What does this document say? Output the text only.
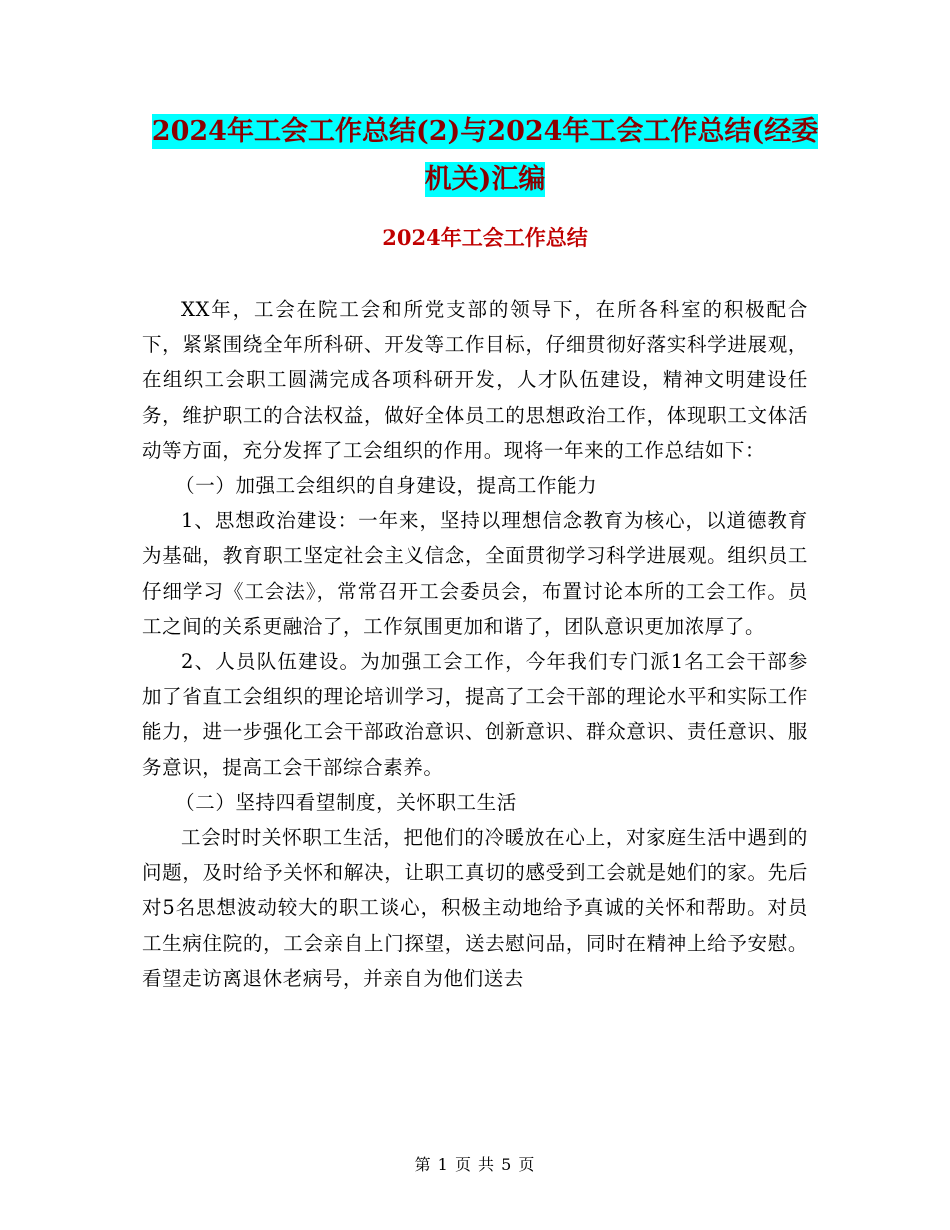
2024年工会工作总结(2)与2024年工会工作总结(经委
机关)汇编
2024年工会工作总结

XX年，工会在院工会和所党支部的领导下，在所各科室的积极配合下，紧紧围绕全年所科研、开发等工作目标，仔细贯彻好落实科学进展观，在组织工会职工圆满完成各项科研开发，人才队伍建设，精神文明建设任务，维护职工的合法权益，做好全体员工的思想政治工作，体现职工文体活动等方面，充分发挥了工会组织的作用。现将一年来的工作总结如下：

（一）加强工会组织的自身建设，提高工作能力

1、思想政治建设：一年来，坚持以理想信念教育为核心，以道德教育为基础，教育职工坚定社会主义信念，全面贯彻学习科学进展观。组织员工仔细学习《工会法》，常常召开工会委员会，布置讨论本所的工会工作。员工之间的关系更融洽了，工作氛围更加和谐了，团队意识更加浓厚了。

2、人员队伍建设。为加强工会工作，今年我们专门派1名工会干部参加了省直工会组织的理论培训学习，提高了工会干部的理论水平和实际工作能力，进一步强化工会干部政治意识、创新意识、群众意识、责任意识、服务意识，提高工会干部综合素养。

（二）坚持四看望制度，关怀职工生活

工会时时关怀职工生活，把他们的冷暖放在心上，对家庭生活中遇到的问题，及时给予关怀和解决，让职工真切的感受到工会就是她们的家。先后对5名思想波动较大的职工谈心，积极主动地给予真诚的关怀和帮助。对员工生病住院的，工会亲自上门探望，送去慰问品，同时在精神上给予安慰。看望走访离退休老病号，并亲自为他们送去

第 1 页 共 5 页
